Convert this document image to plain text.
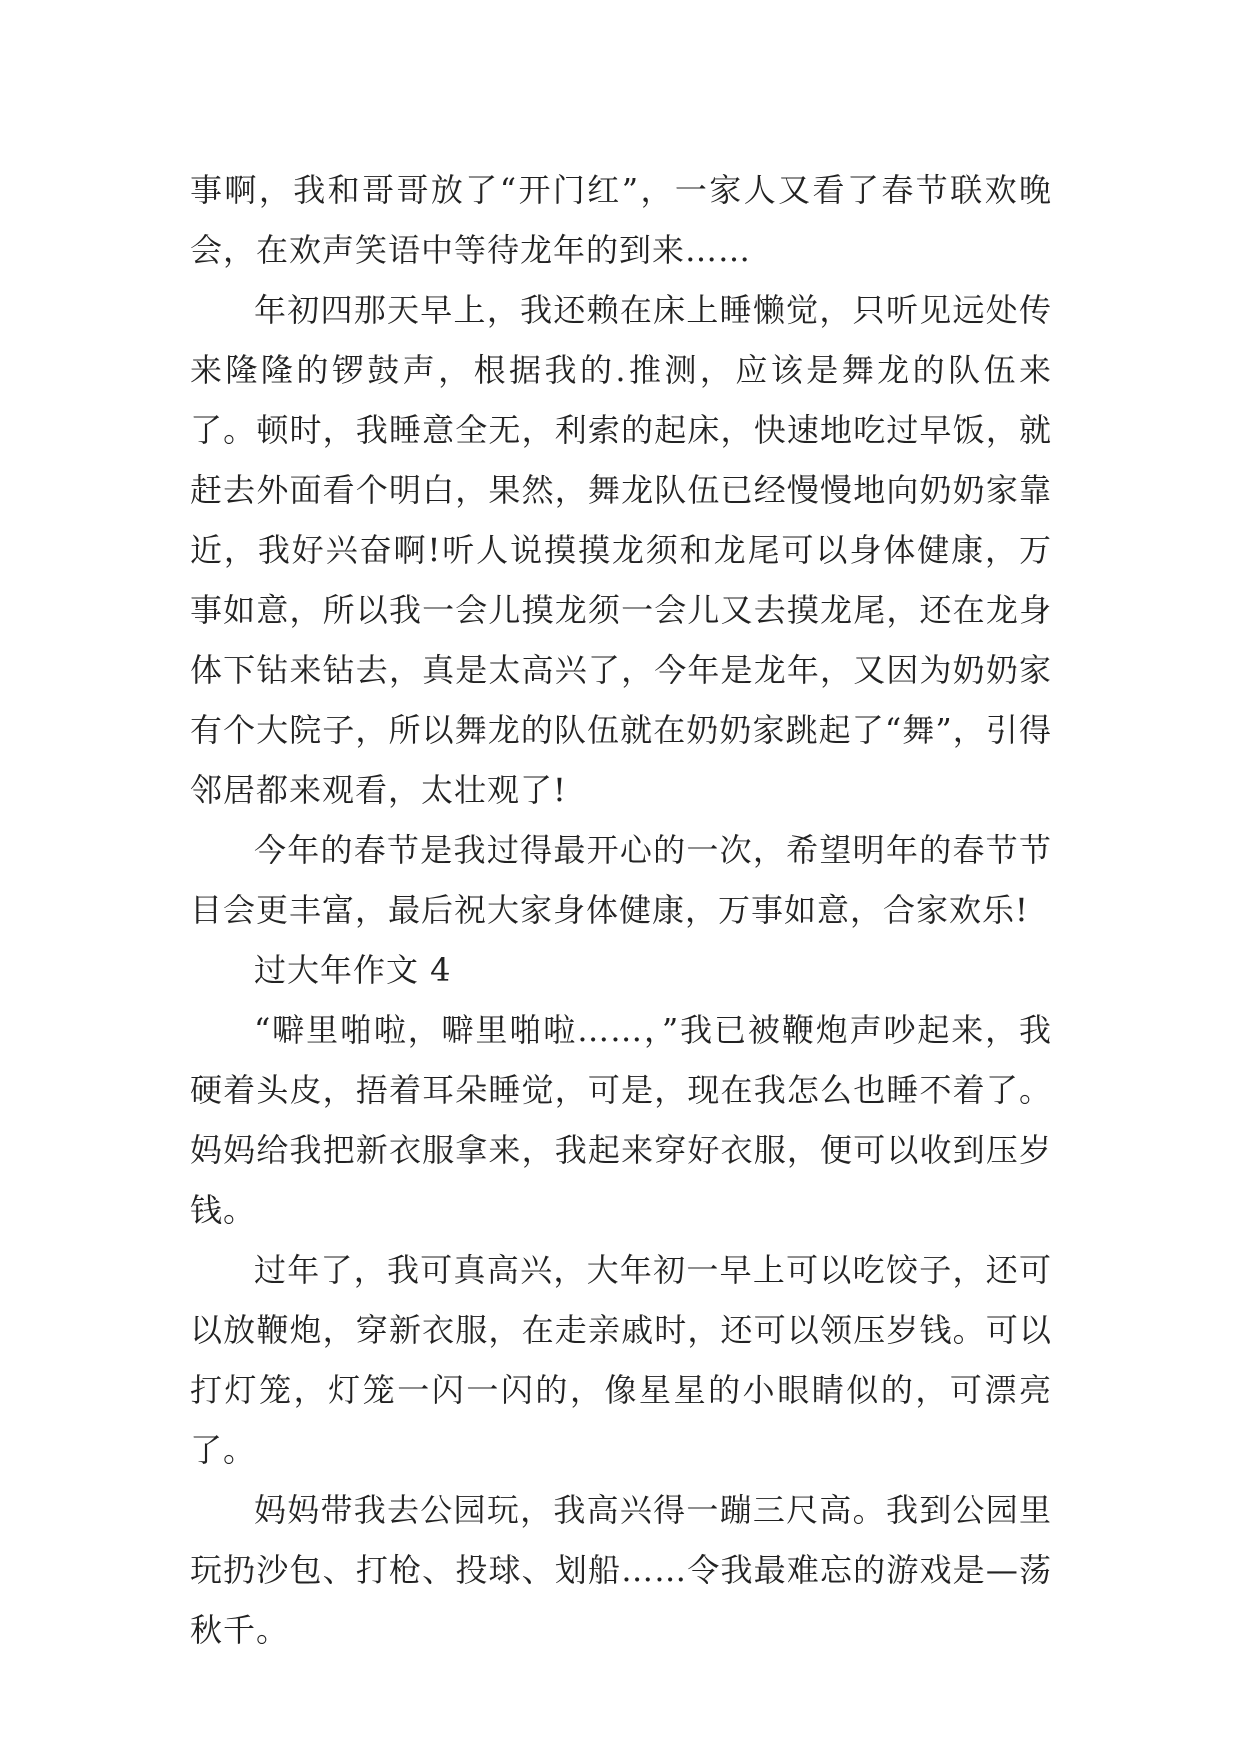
事啊，我和哥哥放了“开门红”，一家人又看了春节联欢晚会，在欢声笑语中等待龙年的到来……

年初四那天早上，我还赖在床上睡懒觉，只听见远处传来隆隆的锣鼓声，根据我的.推测，应该是舞龙的队伍来了。顿时，我睡意全无，利索的起床，快速地吃过早饭，就赶去外面看个明白，果然，舞龙队伍已经慢慢地向奶奶家靠近，我好兴奋啊!听人说摸摸龙须和龙尾可以身体健康，万事如意，所以我一会儿摸龙须一会儿又去摸龙尾，还在龙身体下钻来钻去，真是太高兴了，今年是龙年，又因为奶奶家有个大院子，所以舞龙的队伍就在奶奶家跳起了“舞”，引得邻居都来观看，太壮观了!

今年的春节是我过得最开心的一次，希望明年的春节节目会更丰富，最后祝大家身体健康，万事如意，合家欢乐!

过大年作文 4

“噼里啪啦，噼里啪啦……，”我已被鞭炮声吵起来，我硬着头皮，捂着耳朵睡觉，可是，现在我怎么也睡不着了。妈妈给我把新衣服拿来，我起来穿好衣服，便可以收到压岁钱。

过年了，我可真高兴，大年初一早上可以吃饺子，还可以放鞭炮，穿新衣服，在走亲戚时，还可以领压岁钱。可以打灯笼，灯笼一闪一闪的，像星星的小眼睛似的，可漂亮了。

妈妈带我去公园玩，我高兴得一蹦三尺高。我到公园里玩扔沙包、打枪、投球、划船……令我最难忘的游戏是—荡秋千。
